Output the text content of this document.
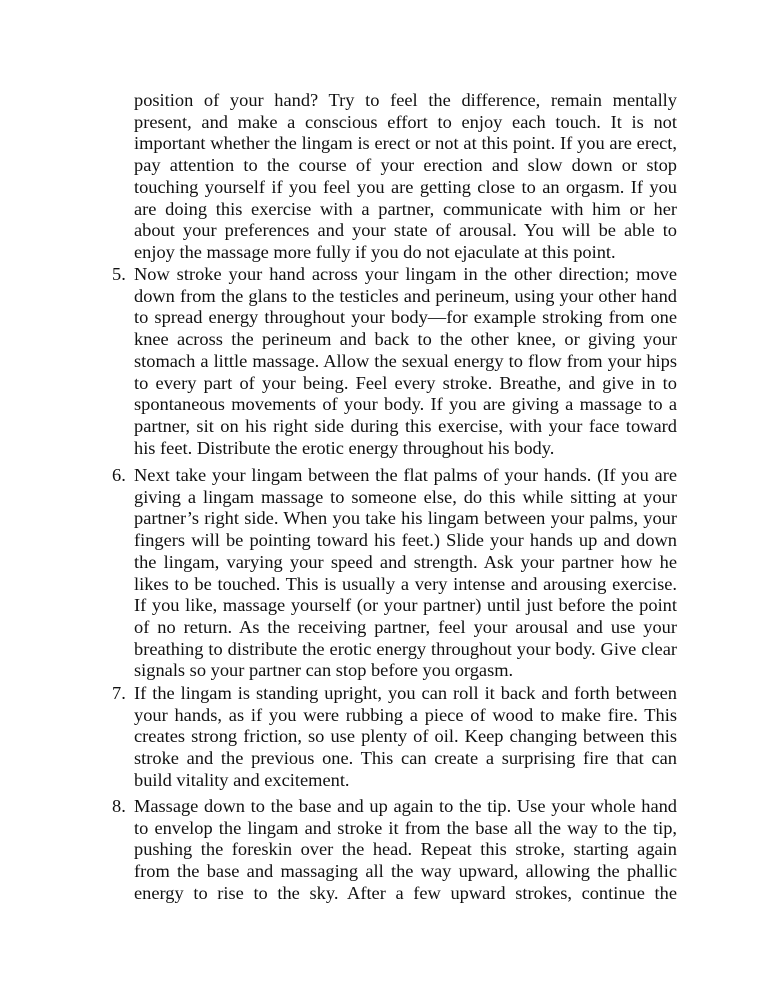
position of your hand? Try to feel the difference, remain mentally present, and make a conscious effort to enjoy each touch. It is not important whether the lingam is erect or not at this point. If you are erect, pay attention to the course of your erection and slow down or stop touching yourself if you feel you are getting close to an orgasm. If you are doing this exercise with a partner, communicate with him or her about your preferences and your state of arousal. You will be able to enjoy the massage more fully if you do not ejaculate at this point.

5. Now stroke your hand across your lingam in the other direction; move down from the glans to the testicles and perineum, using your other hand to spread energy throughout your body—for example stroking from one knee across the perineum and back to the other knee, or giving your stomach a little massage. Allow the sexual energy to flow from your hips to every part of your being. Feel every stroke. Breathe, and give in to spontaneous movements of your body. If you are giving a massage to a partner, sit on his right side during this exercise, with your face toward his feet. Distribute the erotic energy throughout his body.

6. Next take your lingam between the flat palms of your hands. (If you are giving a lingam massage to someone else, do this while sitting at your partner’s right side. When you take his lingam between your palms, your fingers will be pointing toward his feet.) Slide your hands up and down the lingam, varying your speed and strength. Ask your partner how he likes to be touched. This is usually a very intense and arousing exercise. If you like, massage yourself (or your partner) until just before the point of no return. As the receiving partner, feel your arousal and use your breathing to distribute the erotic energy throughout your body. Give clear signals so your partner can stop before you orgasm.

7. If the lingam is standing upright, you can roll it back and forth between your hands, as if you were rubbing a piece of wood to make fire. This creates strong friction, so use plenty of oil. Keep changing between this stroke and the previous one. This can create a surprising fire that can build vitality and excitement.

8. Massage down to the base and up again to the tip. Use your whole hand to envelop the lingam and stroke it from the base all the way to the tip, pushing the foreskin over the head. Repeat this stroke, starting again from the base and massaging all the way upward, allowing the phallic energy to rise to the sky. After a few upward strokes, continue the
